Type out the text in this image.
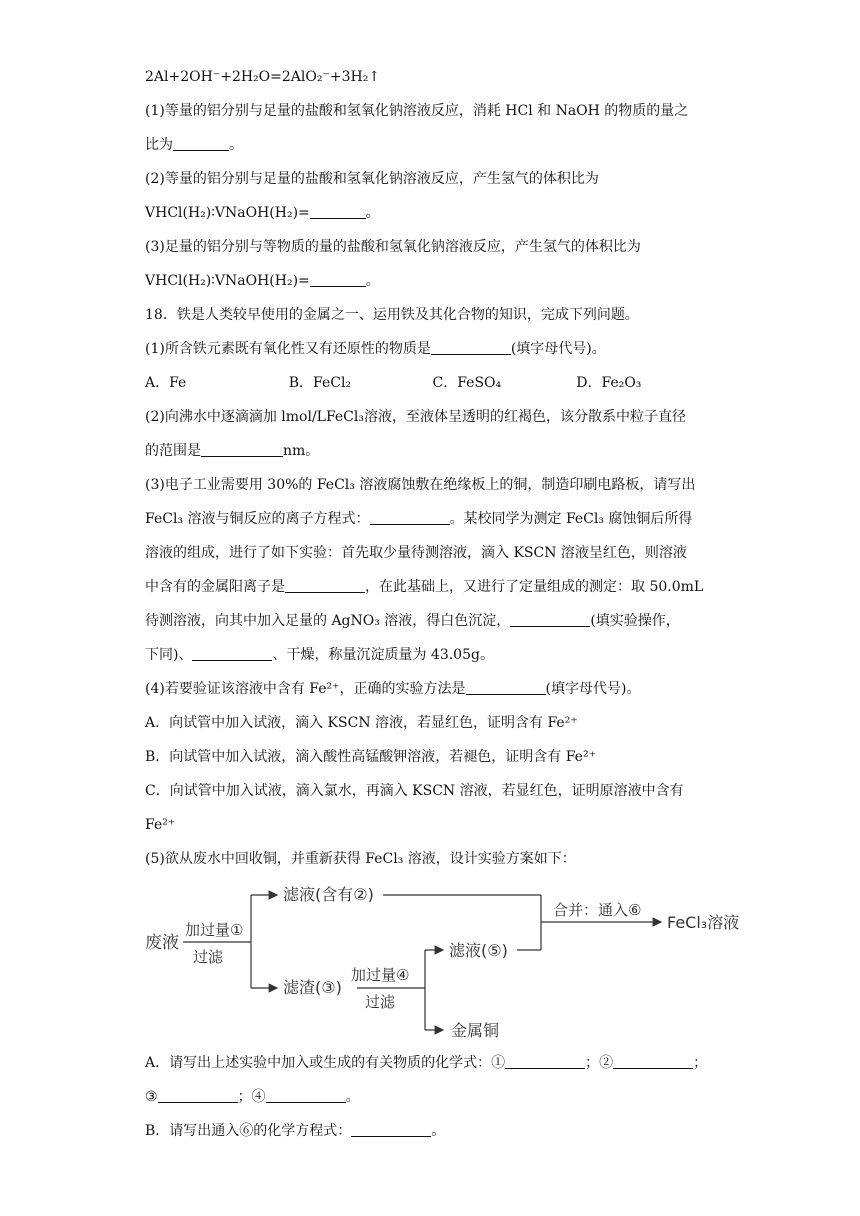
2Al+2OH⁻+2H₂O=2AlO₂⁻+3H₂↑

(1)等量的铝分别与足量的盐酸和氢氧化钠溶液反应，消耗 HCl 和 NaOH 的物质的量之

比为	。

(2)等量的铝分别与足量的盐酸和氢氧化钠溶液反应，产生氢气的体积比为

VHCl(H₂)∶VNaOH(H₂)=	。

(3)足量的铝分别与等物质的量的盐酸和氢氧化钠溶液反应，产生氢气的体积比为

VHCl(H₂)∶VNaOH(H₂)=	。

18．铁是人类较早使用的金属之一、运用铁及其化合物的知识，完成下列问题。

(1)所含铁元素既有氧化性又有还原性的物质是	(填字母代号)。

A．Fe	B．FeCl₂	C．FeSO₄	D．Fe₂O₃

(2)向沸水中逐滴滴加 lmol/LFeCl₃溶液，至液体呈透明的红褐色，该分散系中粒子直径

的范围是	nm。

(3)电子工业需要用 30%的 FeCl₃ 溶液腐蚀敷在绝缘板上的铜，制造印刷电路板，请写出

FeCl₃ 溶液与铜反应的离子方程式：	。某校同学为测定 FeCl₃ 腐蚀铜后所得

溶液的组成，进行了如下实验：首先取少量待测溶液，滴入 KSCN 溶液呈红色，则溶液

中含有的金属阳离子是	，在此基础上，又进行了定量组成的测定：取 50.0mL

待测溶液，向其中加入足量的 AgNO₃ 溶液，得白色沉淀，	(填实验操作，

下同)、	、干燥，称量沉淀质量为 43.05g。

(4)若要验证该溶液中含有 Fe²⁺，正确的实验方法是	(填字母代号)。

A．向试管中加入试液，滴入 KSCN 溶液，若显红色，证明含有 Fe²⁺

B．向试管中加入试液，滴入酸性高锰酸钾溶液，若褪色，证明含有 Fe²⁺

C．向试管中加入试液，滴入氯水，再滴入 KSCN 溶液，若显红色，证明原溶液中含有

Fe²⁺

(5)欲从废水中回收铜，并重新获得 FeCl₃ 溶液，设计实验方案如下：

废液
加过量①
过滤
滤液(含有②)
滤渣(③)
加过量④
过滤
滤液(⑤)
金属铜
合并：通入⑥
FeCl₃溶液

A．请写出上述实验中加入或生成的有关物质的化学式：①	；②	；

③	；④	。

B．请写出通入⑥的化学方程式：	。
